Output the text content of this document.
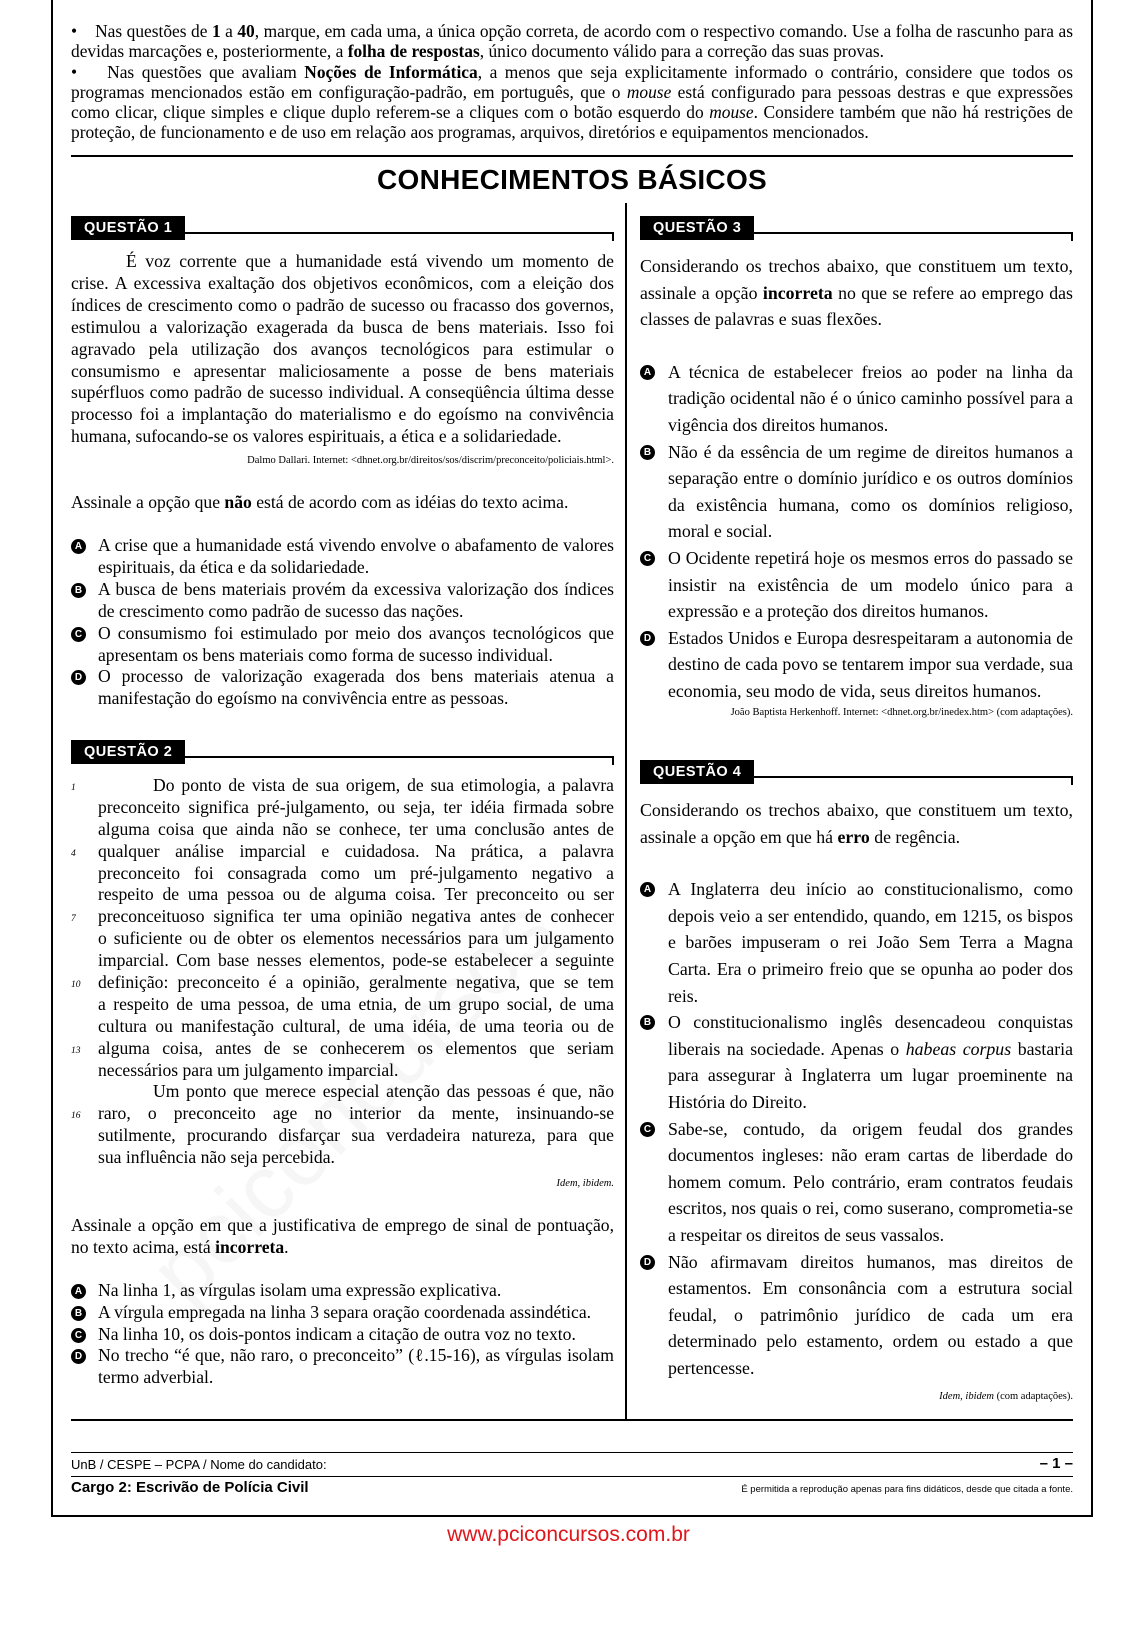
•    Nas questões de 1 a 40, marque, em cada uma, a única opção correta, de acordo com o respectivo comando. Use a folha de rascunho para as devidas marcações e, posteriormente, a folha de respostas, único documento válido para a correção das suas provas.

•    Nas questões que avaliam Noções de Informática, a menos que seja explicitamente informado o contrário, considere que todos os programas mencionados estão em configuração-padrão, em português, que o mouse está configurado para pessoas destras e que expressões como clicar, clique simples e clique duplo referem-se a cliques com o botão esquerdo do mouse. Considere também que não há restrições de proteção, de funcionamento e de uso em relação aos programas, arquivos, diretórios e equipamentos mencionados.

CONHECIMENTOS BÁSICOS
QUESTÃO 1

É voz corrente que a humanidade está vivendo um momento de crise. A excessiva exaltação dos objetivos econômicos, com a eleição dos índices de crescimento como o padrão de sucesso ou fracasso dos governos, estimulou a valorização exagerada da busca de bens materiais. Isso foi agravado pela utilização dos avanços tecnológicos para estimular o consumismo e apresentar maliciosamente a posse de bens materiais supérfluos como padrão de sucesso individual. A conseqüência última desse processo foi a implantação do materialismo e do egoísmo na convivência humana, sufocando-se os valores espirituais, a ética e a solidariedade.

Dalmo Dallari. Internet: <dhnet.org.br/direitos/sos/discrim/preconceito/policiais.html>.

Assinale a opção que não está de acordo com as idéias do texto acima.

A A crise que a humanidade está vivendo envolve o abafamento de valores espirituais, da ética e da solidariedade.
B A busca de bens materiais provém da excessiva valorização dos índices de crescimento como padrão de sucesso das nações.
C O consumismo foi estimulado por meio dos avanços tecnológicos que apresentam os bens materiais como forma de sucesso individual.
D O processo de valorização exagerada dos bens materiais atenua a manifestação do egoísmo na convivência entre as pessoas.
QUESTÃO 2
1	Do ponto de vista de sua origem, de sua etimologia, a palavra
preconceito significa pré-julgamento, ou seja, ter idéia firmada sobre
alguma coisa que ainda não se conhece, ter uma conclusão antes de
4 qualquer análise imparcial e cuidadosa. Na prática, a palavra
preconceito foi consagrada como um pré-julgamento negativo a
respeito de uma pessoa ou de alguma coisa. Ter preconceito ou ser
7 preconceituoso significa ter uma opinião negativa antes de conhecer
o suficiente ou de obter os elementos necessários para um julgamento
imparcial. Com base nesses elementos, pode-se estabelecer a seguinte
10 definição: preconceito é a opinião, geralmente negativa, que se tem
a respeito de uma pessoa, de uma etnia, de um grupo social, de uma
cultura ou manifestação cultural, de uma idéia, de uma teoria ou de
13 alguma coisa, antes de se conhecerem os elementos que seriam
necessários para um julgamento imparcial.
Um ponto que merece especial atenção das pessoas é que, não
16 raro, o preconceito age no interior da mente, insinuando-se
sutilmente, procurando disfarçar sua verdadeira natureza, para que
sua influência não seja percebida.

Idem, ibidem.

Assinale a opção em que a justificativa de emprego de sinal de pontuação, no texto acima, está incorreta.

A Na linha 1, as vírgulas isolam uma expressão explicativa.
B A vírgula empregada na linha 3 separa oração coordenada assindética.
C Na linha 10, os dois-pontos indicam a citação de outra voz no texto.
D No trecho “é que, não raro, o preconceito” (ℓ.15-16), as vírgulas isolam termo adverbial.
QUESTÃO 3

Considerando os trechos abaixo, que constituem um texto, assinale a opção incorreta no que se refere ao emprego das classes de palavras e suas flexões.

A A técnica de estabelecer freios ao poder na linha da tradição ocidental não é o único caminho possível para a vigência dos direitos humanos.
B Não é da essência de um regime de direitos humanos a separação entre o domínio jurídico e os outros domínios da existência humana, como os domínios religioso, moral e social.
C O Ocidente repetirá hoje os mesmos erros do passado se insistir na existência de um modelo único para a expressão e a proteção dos direitos humanos.
D Estados Unidos e Europa desrespeitaram a autonomia de destino de cada povo se tentarem impor sua verdade, sua economia, seu modo de vida, seus direitos humanos.

João Baptista Herkenhoff. Internet: <dhnet.org.br/inedex.htm> (com adaptações).

QUESTÃO 4

Considerando os trechos abaixo, que constituem um texto, assinale a opção em que há erro de regência.

A A Inglaterra deu início ao constitucionalismo, como depois veio a ser entendido, quando, em 1215, os bispos e barões impuseram o rei João Sem Terra a Magna Carta. Era o primeiro freio que se opunha ao poder dos reis.
B O constitucionalismo inglês desencadeou conquistas liberais na sociedade. Apenas o habeas corpus bastaria para assegurar à Inglaterra um lugar proeminente na História do Direito.
C Sabe-se, contudo, da origem feudal dos grandes documentos ingleses: não eram cartas de liberdade do homem comum. Pelo contrário, eram contratos feudais escritos, nos quais o rei, como suserano, comprometia-se a respeitar os direitos de seus vassalos.
D Não afirmavam direitos humanos, mas direitos de estamentos. Em consonância com a estrutura social feudal, o patrimônio jurídico de cada um era determinado pelo estamento, ordem ou estado a que pertencesse.

Idem, ibidem (com adaptações).

UnB / CESPE – PCPA / Nome do candidato:	– 1 –
Cargo 2: Escrivão de Polícia Civil	É permitida a reprodução apenas para fins didáticos, desde que citada a fonte.
www.pciconcursos.com.br
